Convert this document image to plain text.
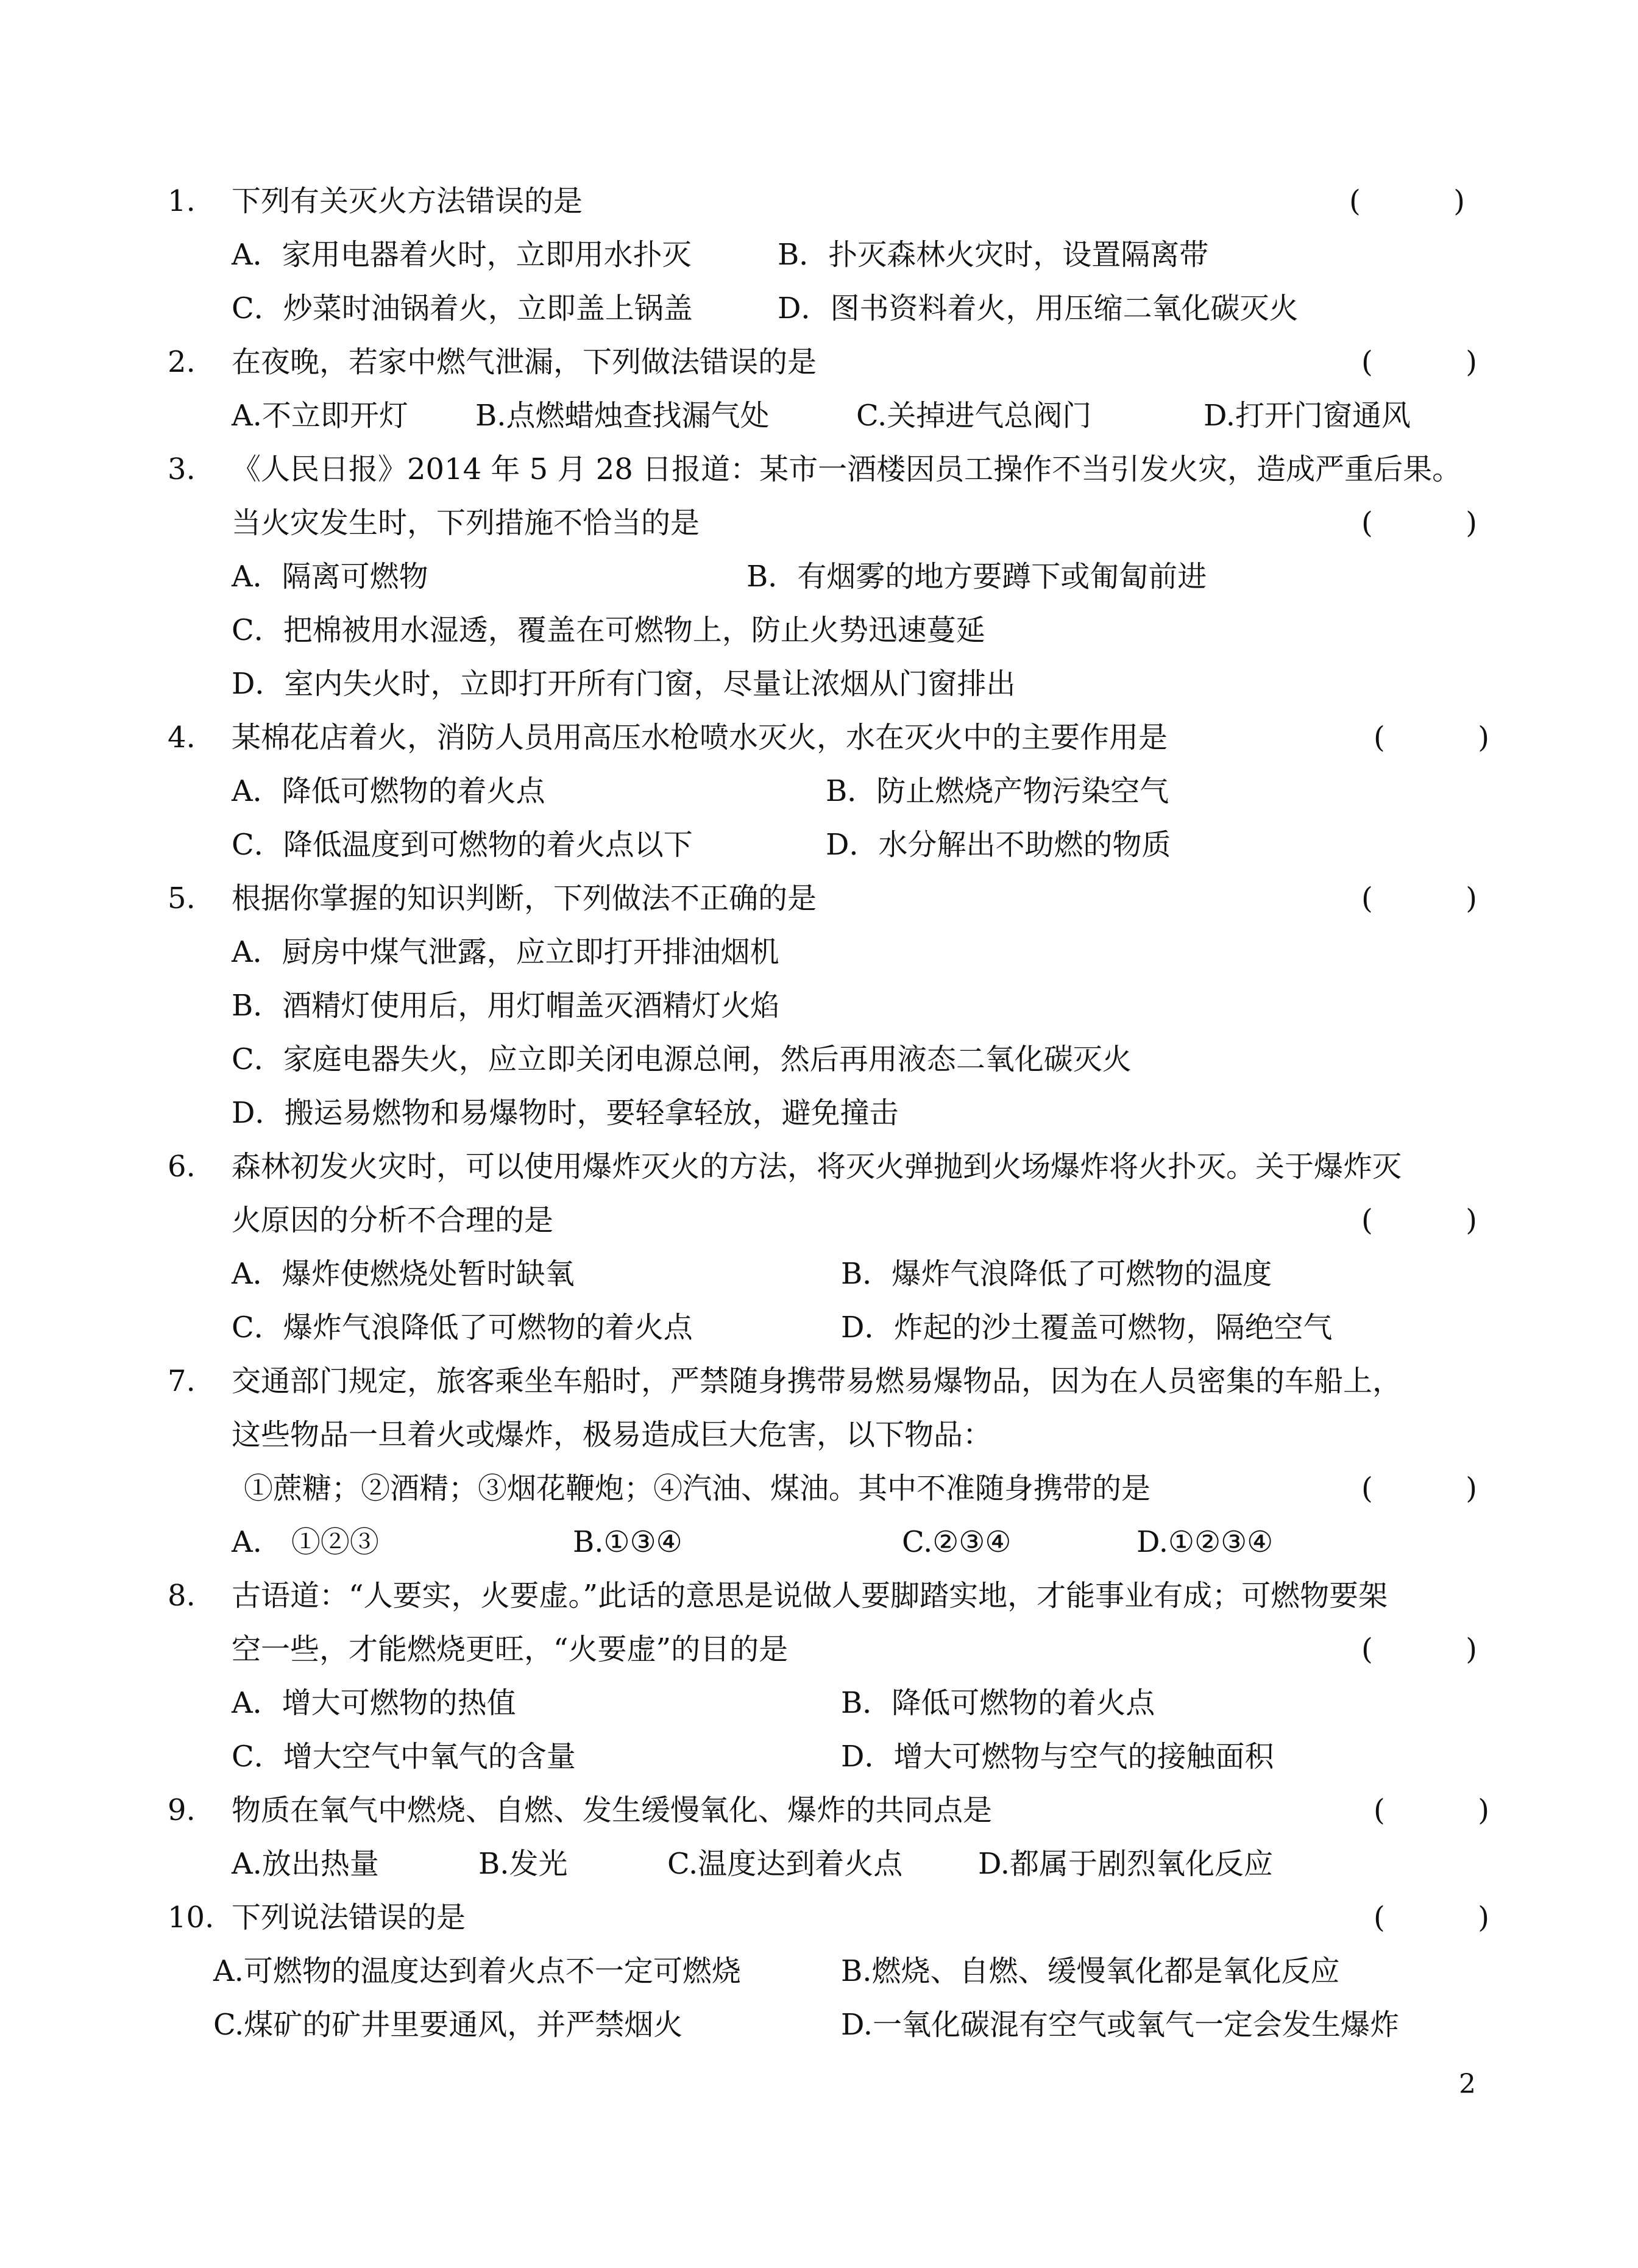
1. 下列有关灭火方法错误的是	(	)
A．家用电器着火时，立即用水扑灭	B．扑灭森林火灾时，设置隔离带
C．炒菜时油锅着火，立即盖上锅盖	D．图书资料着火，用压缩二氧化碳灭火
2. 在夜晚，若家中燃气泄漏，下列做法错误的是	(	)
A.不立即开灯 B.点燃蜡烛查找漏气处	C.关掉进气总阀门	D.打开门窗通风
3. 《人民日报》2014 年 5 月 28 日报道：某市一酒楼因员工操作不当引发火灾，造成严重后果。
当火灾发生时，下列措施不恰当的是	(	)
A．隔离可燃物	B．有烟雾的地方要蹲下或匍匐前进
C．把棉被用水湿透，覆盖在可燃物上，防止火势迅速蔓延
D．室内失火时，立即打开所有门窗，尽量让浓烟从门窗排出
4. 某棉花店着火，消防人员用高压水枪喷水灭火，水在灭火中的主要作用是	(	)
A．降低可燃物的着火点	B．防止燃烧产物污染空气
C．降低温度到可燃物的着火点以下	D．水分解出不助燃的物质
5. 根据你掌握的知识判断，下列做法不正确的是	(	)
A．厨房中煤气泄露，应立即打开排油烟机
B．酒精灯使用后，用灯帽盖灭酒精灯火焰
C．家庭电器失火，应立即关闭电源总闸，然后再用液态二氧化碳灭火
D．搬运易燃物和易爆物时，要轻拿轻放，避免撞击
6. 森林初发火灾时，可以使用爆炸灭火的方法，将灭火弹抛到火场爆炸将火扑灭。关于爆炸灭
火原因的分析不合理的是	(	)
A．爆炸使燃烧处暂时缺氧	B．爆炸气浪降低了可燃物的温度
C．爆炸气浪降低了可燃物的着火点	D．炸起的沙土覆盖可燃物，隔绝空气
7. 交通部门规定，旅客乘坐车船时，严禁随身携带易燃易爆物品，因为在人员密集的车船上，
这些物品一旦着火或爆炸，极易造成巨大危害，以下物品：
①蔗糖；②酒精；③烟花鞭炮；④汽油、煤油。其中不准随身携带的是	(	)
A.　①②③	B.①③④	C.②③④	D.①②③④
8. 古语道：“人要实，火要虚。”此话的意思是说做人要脚踏实地，才能事业有成；可燃物要架
空一些，才能燃烧更旺，“火要虚”的目的是	(	)
A．增大可燃物的热值	B．降低可燃物的着火点
C．增大空气中氧气的含量	D．增大可燃物与空气的接触面积
9. 物质在氧气中燃烧、自燃、发生缓慢氧化、爆炸的共同点是	(	)
A.放出热量	B.发光	C.温度达到着火点	D.都属于剧烈氧化反应
10. 下列说法错误的是	(	)
A.可燃物的温度达到着火点不一定可燃烧	B.燃烧、自燃、缓慢氧化都是氧化反应
C.煤矿的矿井里要通风，并严禁烟火	D.一氧化碳混有空气或氧气一定会发生爆炸
2
